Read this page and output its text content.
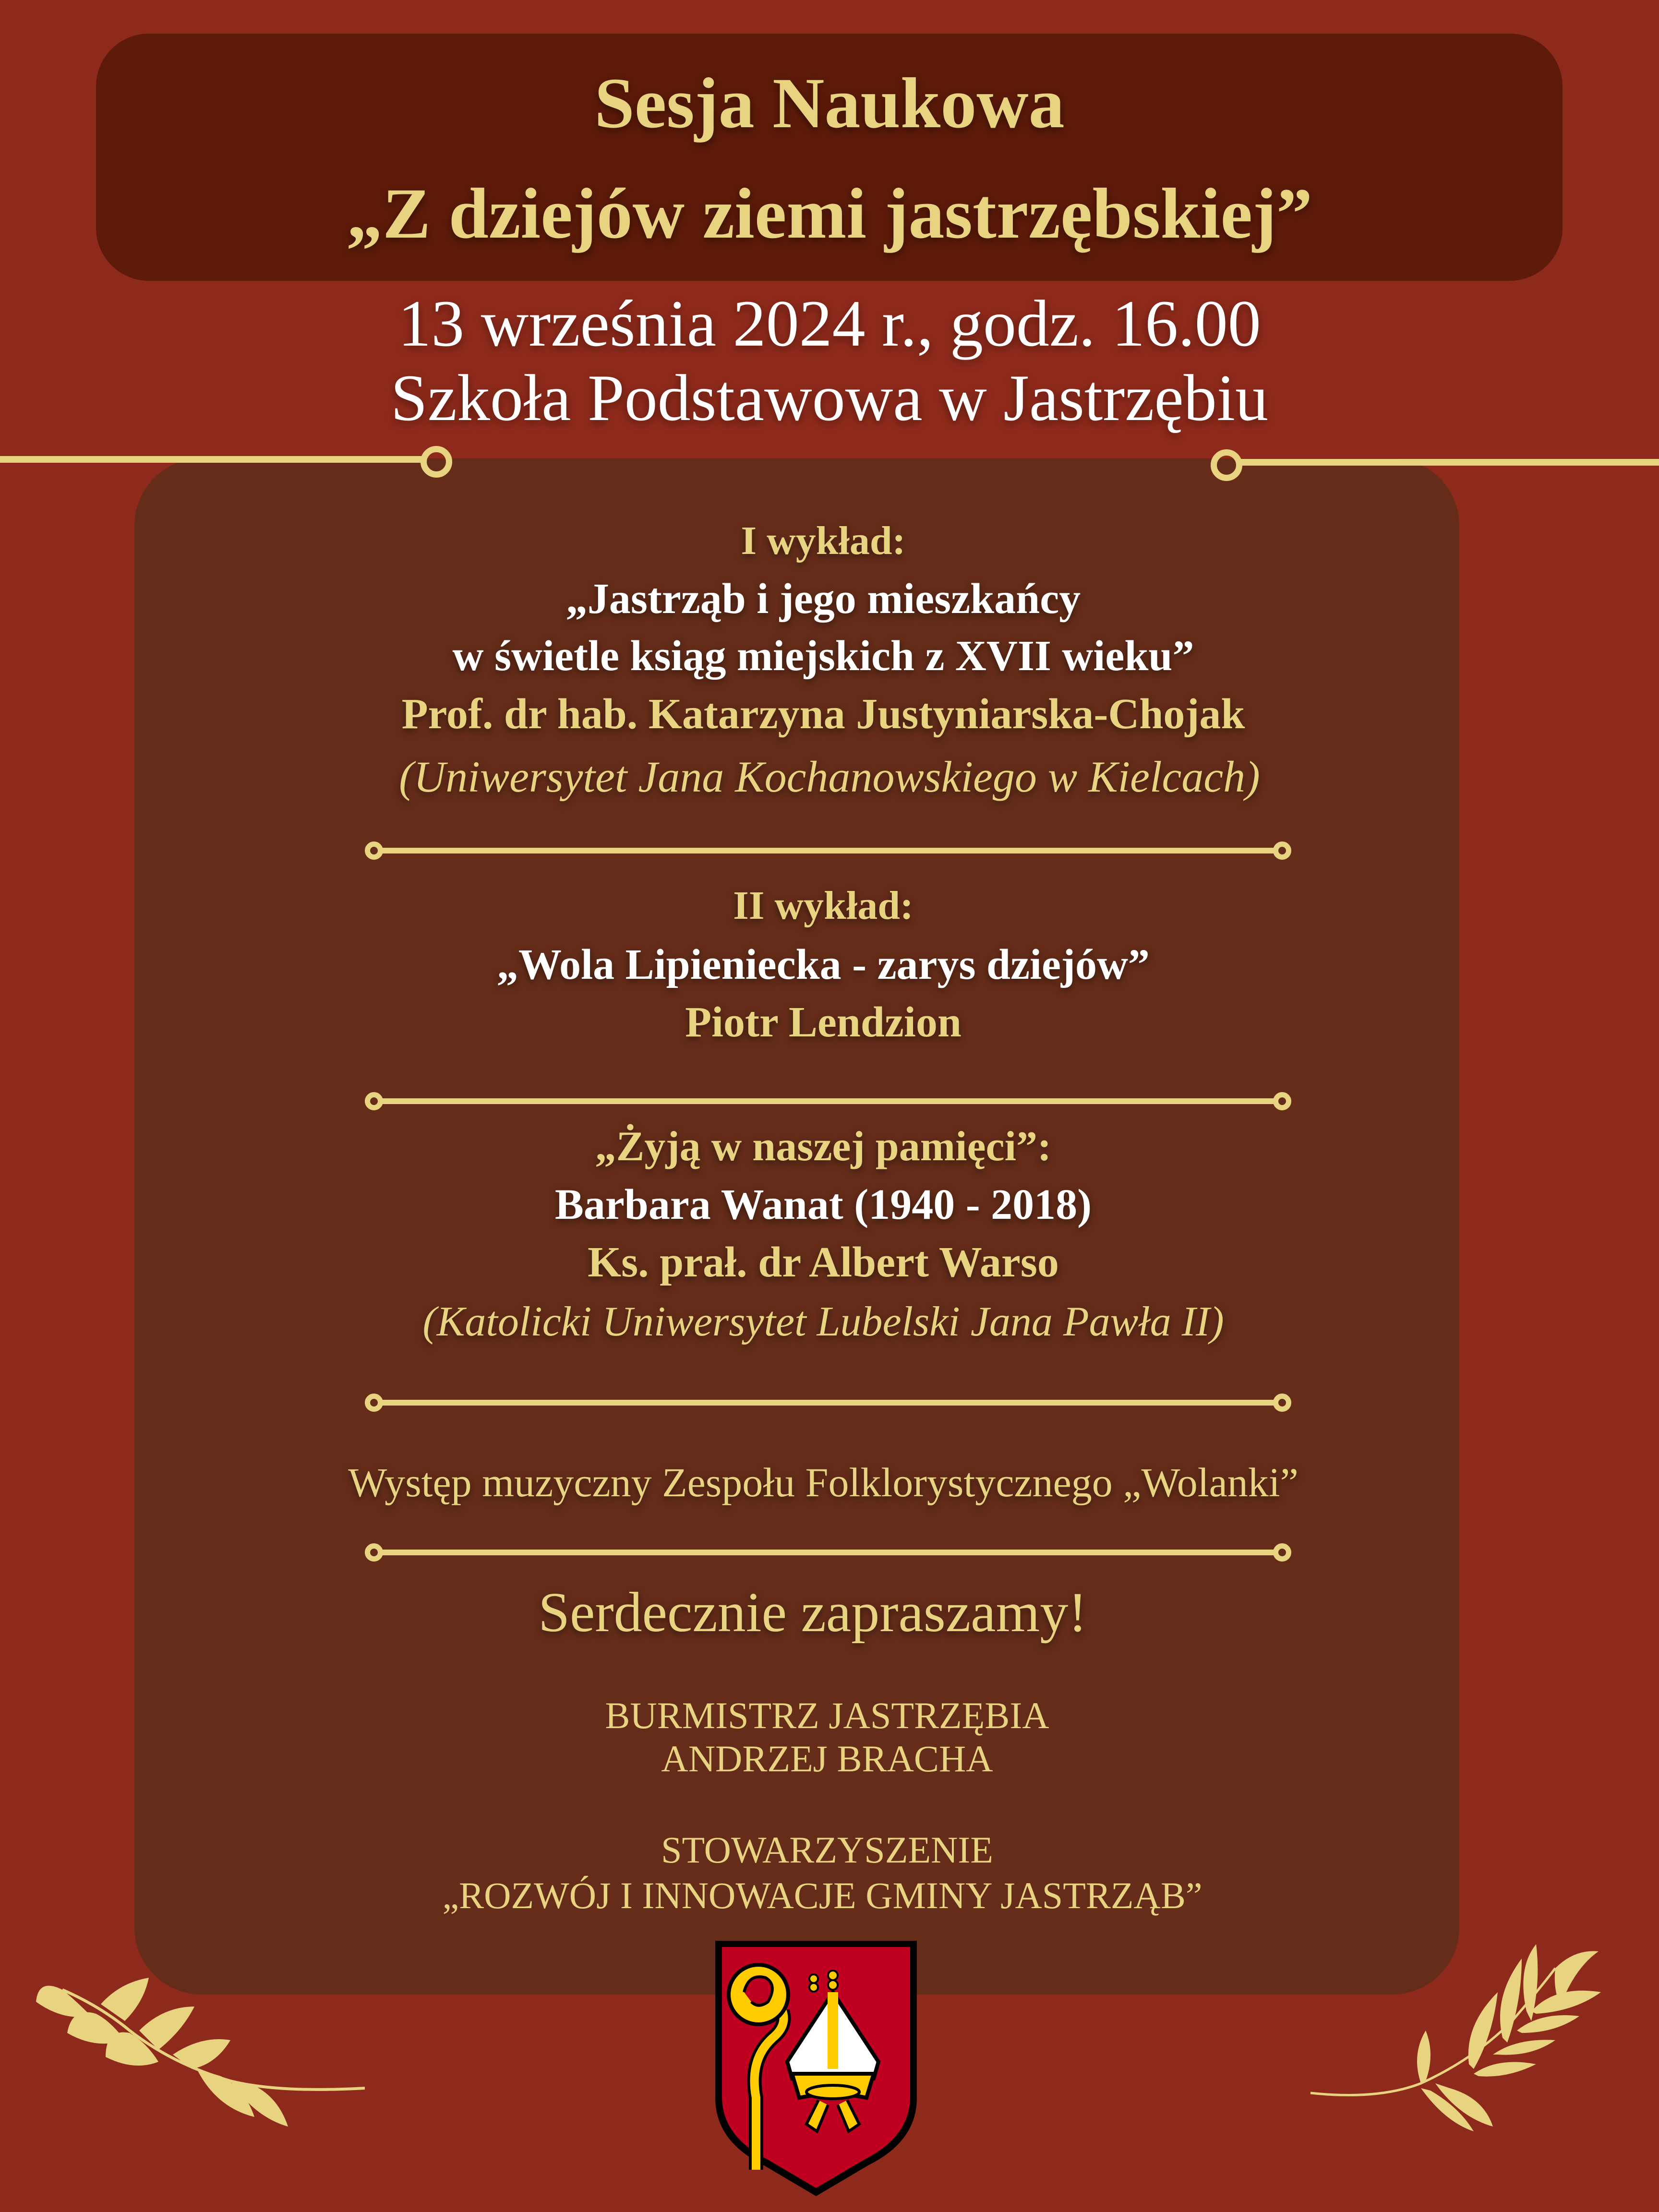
Sesja Naukowa
„Z dziejów ziemi jastrzębskiej”
13 września 2024 r., godz. 16.00
Szkoła Podstawowa w Jastrzębiu
I wykład:
„Jastrząb i jego mieszkańcy
w świetle ksiąg miejskich z XVII wieku”
Prof. dr hab. Katarzyna Justyniarska-Chojak
(Uniwersytet Jana Kochanowskiego w Kielcach)
II wykład:
„Wola Lipieniecka - zarys dziejów”
Piotr Lendzion
„Żyją w naszej pamięci”:
Barbara Wanat (1940 - 2018)
Ks. prał. dr Albert Warso
(Katolicki Uniwersytet Lubelski Jana Pawła II)
Występ muzyczny Zespołu Folklorystycznego „Wolanki”
Serdecznie zapraszamy!
BURMISTRZ JASTRZĘBIA
ANDRZEJ BRACHA
STOWARZYSZENIE
„ROZWÓJ I INNOWACJE GMINY JASTRZĄB”
